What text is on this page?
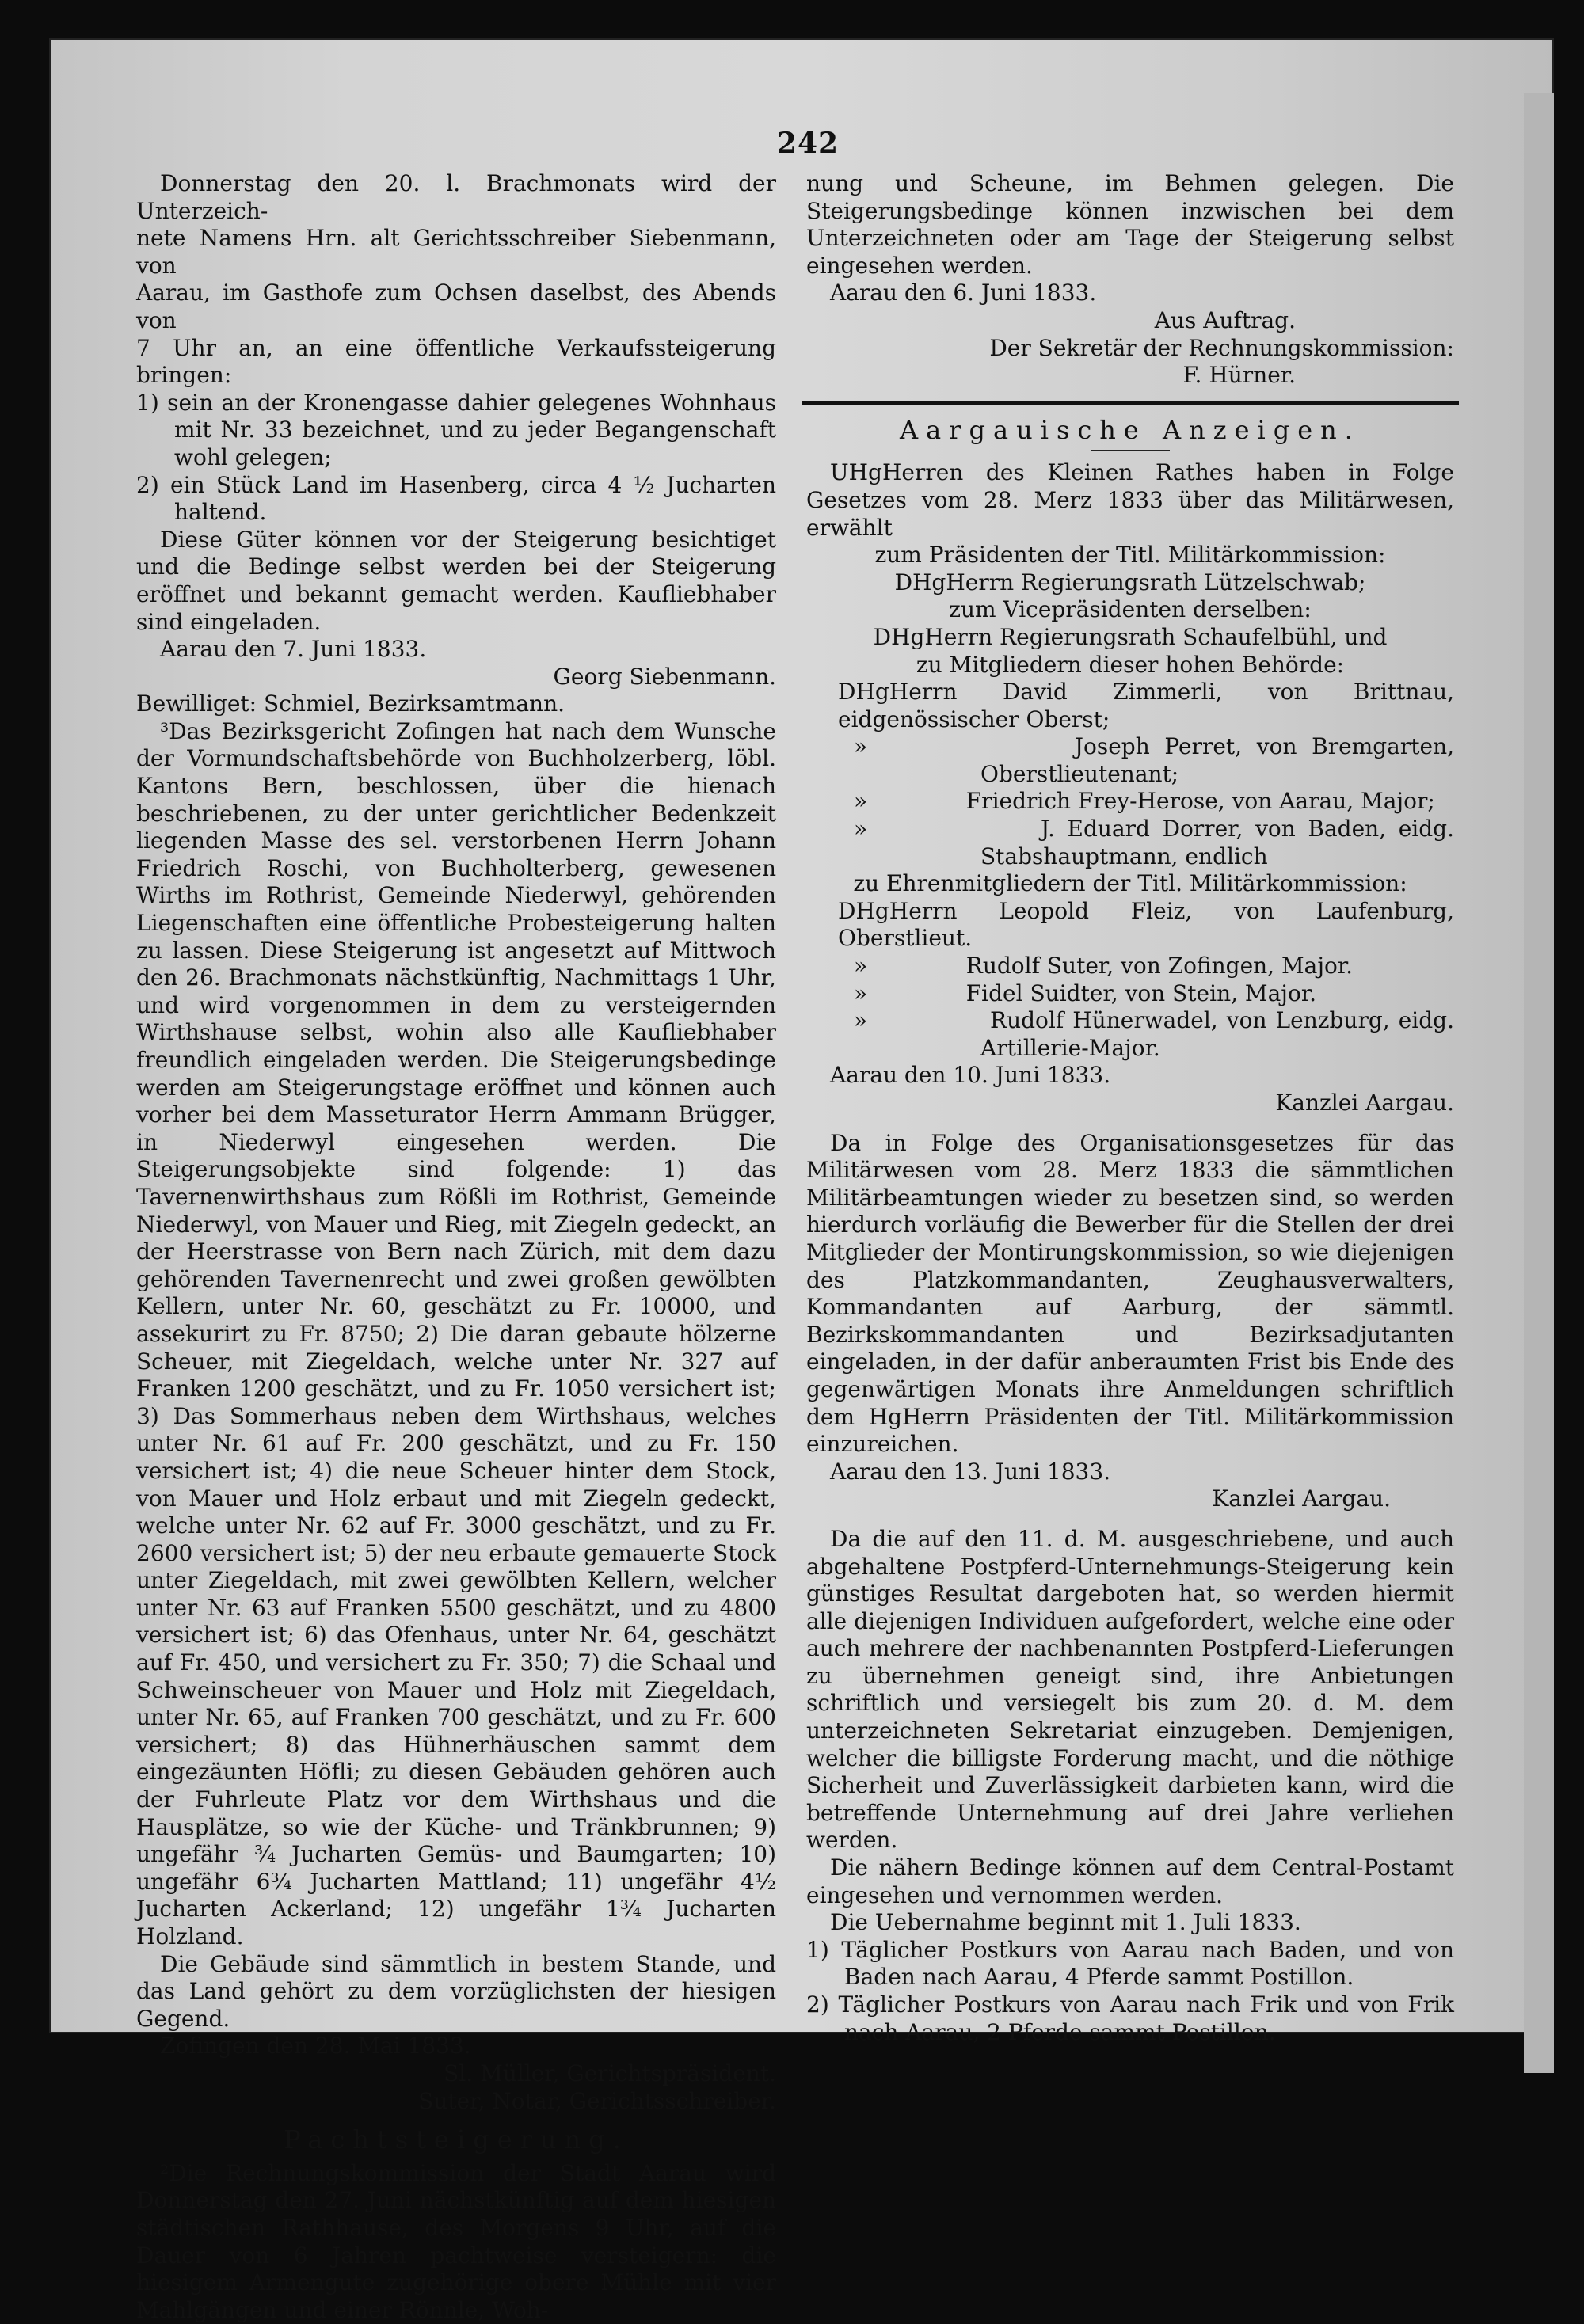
242

Donnerstag den 20. l. Brachmonats wird der Unterzeich-

nete Namens Hrn. alt Gerichtsschreiber Siebenmann, von

Aarau, im Gasthofe zum Ochsen daselbst, des Abends von

7 Uhr an, an eine öffentliche Verkaufssteigerung bringen:

1) sein an der Kronengasse dahier gelegenes Wohnhaus mit Nr. 33 bezeichnet, und zu jeder Begangenschaft wohl gelegen;

2) ein Stück Land im Hasenberg, circa 4 ½ Jucharten haltend.

Diese Güter können vor der Steigerung besichtiget und die Bedinge selbst werden bei der Steigerung eröffnet und bekannt gemacht werden. Kaufliebhaber sind eingeladen.

Aarau den 7. Juni 1833.

Georg Siebenmann.

Bewilliget: Schmiel, Bezirksamtmann.

³Das Bezirksgericht Zofingen hat nach dem Wunsche der Vormundschaftsbehörde von Buchholzerberg, löbl. Kantons Bern, beschlossen, über die hienach beschriebenen, zu der unter gerichtlicher Bedenkzeit liegenden Masse des sel. verstorbenen Herrn Johann Friedrich Roschi, von Buchholterberg, gewesenen Wirths im Rothrist, Gemeinde Niederwyl, gehörenden Liegenschaften eine öffentliche Probesteigerung halten zu lassen. Diese Steigerung ist angesetzt auf Mittwoch den 26. Brachmonats nächstkünftig, Nachmittags 1 Uhr, und wird vorgenommen in dem zu versteigernden Wirthshause selbst, wohin also alle Kaufliebhaber freundlich eingeladen werden. Die Steigerungsbedinge werden am Steigerungstage eröffnet und können auch vorher bei dem Masseturator Herrn Ammann Brügger, in Niederwyl eingesehen werden. Die Steigerungsobjekte sind folgende: 1) das Tavernenwirthshaus zum Rößli im Rothrist, Gemeinde Niederwyl, von Mauer und Rieg, mit Ziegeln gedeckt, an der Heerstrasse von Bern nach Zürich, mit dem dazu gehörenden Tavernenrecht und zwei großen gewölbten Kellern, unter Nr. 60, geschätzt zu Fr. 10000, und assekurirt zu Fr. 8750; 2) Die daran gebaute hölzerne Scheuer, mit Ziegeldach, welche unter Nr. 327 auf Franken 1200 geschätzt, und zu Fr. 1050 versichert ist; 3) Das Sommerhaus neben dem Wirthshaus, welches unter Nr. 61 auf Fr. 200 geschätzt, und zu Fr. 150 versichert ist; 4) die neue Scheuer hinter dem Stock, von Mauer und Holz erbaut und mit Ziegeln gedeckt, welche unter Nr. 62 auf Fr. 3000 geschätzt, und zu Fr. 2600 versichert ist; 5) der neu erbaute gemauerte Stock unter Ziegeldach, mit zwei gewölbten Kellern, welcher unter Nr. 63 auf Franken 5500 geschätzt, und zu 4800 versichert ist; 6) das Ofenhaus, unter Nr. 64, geschätzt auf Fr. 450, und versichert zu Fr. 350; 7) die Schaal und Schweinscheuer von Mauer und Holz mit Ziegeldach, unter Nr. 65, auf Franken 700 geschätzt, und zu Fr. 600 versichert; 8) das Hühnerhäuschen sammt dem eingezäunten Höfli; zu diesen Gebäuden gehören auch der Fuhrleute Platz vor dem Wirthshaus und die Hausplätze, so wie der Küche- und Tränkbrunnen; 9) ungefähr ¾ Jucharten Gemüs- und Baumgarten; 10) ungefähr 6¾ Jucharten Mattland; 11) ungefähr 4½ Jucharten Ackerland; 12) ungefähr 1¾ Jucharten Holzland.

Die Gebäude sind sämmtlich in bestem Stande, und das Land gehört zu dem vorzüglichsten der hiesigen Gegend.

Zofingen den 28. Mai 1833.

Sl. Müller, Gerichtspräsident.

Suter, Notar, Gerichtsschreiber.

Pachtsteigerung.

²Die Rechnungskommission der Stadt Aarau wird Donnerstag den 27. Juni nächstkünftig auf dem hiesigen städtischen Rathhause, des Morgens 9 Uhr, auf die Dauer von 6 Jahren pachtweise versteigern: die hiesigem Armengute zugehörige obere Mühle mit vier Mahlgängen und einer Rönnle, Woh-

nung und Scheune, im Behmen gelegen. Die Steigerungsbedinge können inzwischen bei dem Unterzeichneten oder am Tage der Steigerung selbst eingesehen werden.

Aarau den 6. Juni 1833.

Aus Auftrag.

Der Sekretär der Rechnungskommission:

F. Hürner.

Aargauische Anzeigen.

UHgHerren des Kleinen Rathes haben in Folge Gesetzes vom 28. Merz 1833 über das Militärwesen, erwählt

zum Präsidenten der Titl. Militärkommission:

DHgHerrn Regierungsrath Lützelschwab;

zum Vicepräsidenten derselben:

DHgHerrn Regierungsrath Schaufelbühl, und

zu Mitgliedern dieser hohen Behörde:

DHgHerrn David Zimmerli, von Brittnau, eidgenössischer Oberst;

»	Joseph Perret, von Bremgarten, Oberstlieutenant;

»	Friedrich Frey-Herose, von Aarau, Major;

»	J. Eduard Dorrer, von Baden, eidg. Stabshauptmann, endlich

zu Ehrenmitgliedern der Titl. Militärkommission:

DHgHerrn Leopold Fleiz, von Laufenburg, Oberstlieut.

»	Rudolf Suter, von Zofingen, Major.

»	Fidel Suidter, von Stein, Major.

»	Rudolf Hünerwadel, von Lenzburg, eidg. Artillerie-Major.

Aarau den 10. Juni 1833.

Kanzlei Aargau.

Da in Folge des Organisationsgesetzes für das Militärwesen vom 28. Merz 1833 die sämmtlichen Militärbeamtungen wieder zu besetzen sind, so werden hierdurch vorläufig die Bewerber für die Stellen der drei Mitglieder der Montirungskommission, so wie diejenigen des Platzkommandanten, Zeughausverwalters, Kommandanten auf Aarburg, der sämmtl. Bezirkskommandanten und Bezirksadjutanten eingeladen, in der dafür anberaumten Frist bis Ende des gegenwärtigen Monats ihre Anmeldungen schriftlich dem HgHerrn Präsidenten der Titl. Militärkommission einzureichen.

Aarau den 13. Juni 1833.

Kanzlei Aargau.

Da die auf den 11. d. M. ausgeschriebene, und auch abgehaltene Postpferd-Unternehmungs-Steigerung kein günstiges Resultat dargeboten hat, so werden hiermit alle diejenigen Individuen aufgefordert, welche eine oder auch mehrere der nachbenannten Postpferd-Lieferungen zu übernehmen geneigt sind, ihre Anbietungen schriftlich und versiegelt bis zum 20. d. M. dem unterzeichneten Sekretariat einzugeben. Demjenigen, welcher die billigste Forderung macht, und die nöthige Sicherheit und Zuverlässigkeit darbieten kann, wird die betreffende Unternehmung auf drei Jahre verliehen werden.

Die nähern Bedinge können auf dem Central-Postamt eingesehen und vernommen werden.

Die Uebernahme beginnt mit 1. Juli 1833.

1) Täglicher Postkurs von Aarau nach Baden, und von Baden nach Aarau, 4 Pferde sammt Postillon.

2) Täglicher Postkurs von Aarau nach Frik und von Frik nach Aarau, 2 Pferde sammt Postillon.
